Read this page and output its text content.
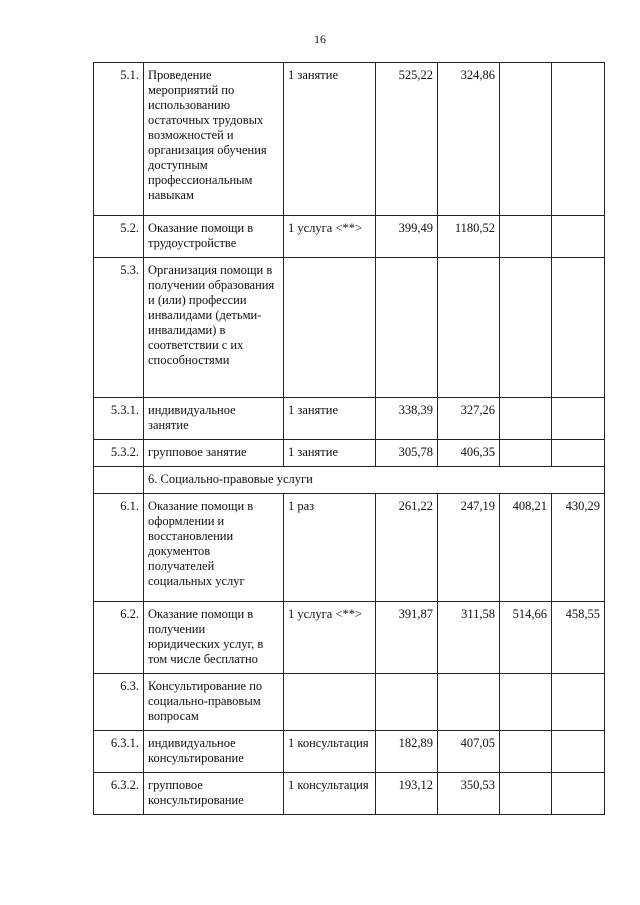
16
5.1.	Проведение мероприятий по использованию остаточных трудовых возможностей и организация обучения доступным профессиональным навыкам	1 занятие	525,22	324,86		
5.2.	Оказание помощи в трудоустройстве	1 услуга <**>	399,49	1180,52		
5.3.	Организация помощи в получении образования и (или) профессии инвалидами (детьми-инвалидами) в соответствии с их способностями					
5.3.1.	индивидуальное занятие	1 занятие	338,39	327,26		
5.3.2.	групповое занятие	1 занятие	305,78	406,35		
	6. Социально-правовые услуги					
6.1.	Оказание помощи в оформлении и восстановлении документов получателей социальных услуг	1 раз	261,22	247,19	408,21	430,29
6.2.	Оказание помощи в получении юридических услуг, в том числе бесплатно	1 услуга <**>	391,87	311,58	514,66	458,55
6.3.	Консультирование по социально-правовым вопросам					
6.3.1.	индивидуальное консультирование	1 консультация	182,89	407,05		
6.3.2.	групповое консультирование	1 консультация	193,12	350,53		
